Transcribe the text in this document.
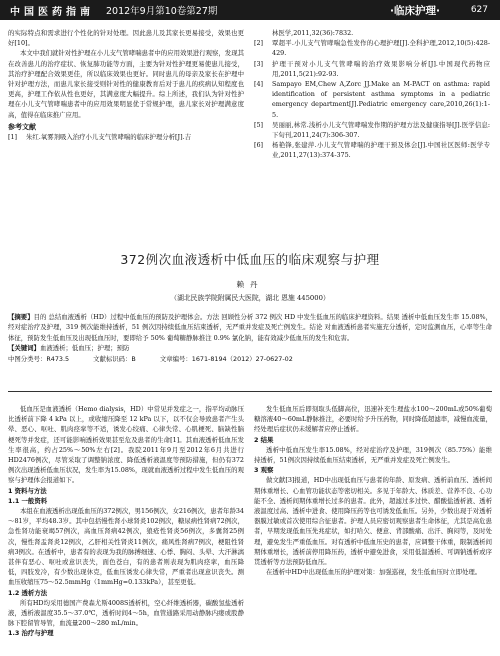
中国医药指南 2012年9月第10卷第27期	·临床护理·	627
的实际特点和需求进行个性化的针对处理。因此患儿及其家长更易接受，效果也更好[10]。
本文中我们就针对性护理在小儿支气管哮喘患者中的应用效果进行观察，发现其在改善患儿的治疗症状、恢复肺功能等方面，主要为针对性护理更易使患儿接受，其治疗护理配合效果更佳，所以临床效果也更好。同时患儿的母亲及家长在护理中针对护理方法，而患儿家长接受则针对性的健康教育后对于患儿的疾病认知程度也更高，护理工作依从性也更好，其满意度大幅提升。综上所述，我们认为针对性护理在小儿支气管哮喘患者中的应用效果明显优于常规护理，患儿家长对护理满意度高，值得在临床推广应用。
参考文献
[1]	朱红.氧雾剂吸入治疗小儿支气管哮喘的临床护理分析[J].吉
林医学,2011,32(36):7832.
[2]	覃超平.小儿支气管哮喘急性发作的心理护理[J].全科护理,2012,10(5):428-429.
[3]	护理干预对小儿支气管哮喘的治疗效果影响分析[J].中国现代药物应用,2011,5(21):92-93.
[4]	Sampayo EM,Chew A,Zorc JJ.Make an M-PACT on asthma: rapid identification of persistent asthma symptoms in a pediatric emergency department[J].Pediatric emergency care,2010,26(1):1-5.
[5]	吴丽丽,林常.浅析小儿支气管哮喘发作期的护理方法及健康指导[J].医学信息:下旬刊,2011,24(7):306-307.
[6]	杨艳锋,张建萍.小儿支气管哮喘的护理干预及体会[J].中国社区医师:医学专业,2011,27(13):374-375.
372例次血液透析中低血压的临床观察与护理
赖丹
（湖北民族学院附属民大医院，湖北 恩施 445000）
【摘要】目的 总结血液透析（HD）过程中低血压的预防及护理体会。方法 回顾性分析 372 例次 HD 中发生低血压的临床护理资料。结果 透析中低血压发生率 15.08%，经对症治疗及护理，319 例次能维持透析，51 例次因持续低血压结束透析，无严重并发症及死亡例发生。结论 对血液透析患者实施充分透析，定时监测血压，心率等生命体征，预防发生低血压及出现低血压时，要即给予 50% 葡萄糖静脉推注 0.9% 氯化钠，能有效减少低血压的发生和危害。
【关键词】血液透析；低血压；护理；预防
中图分类号：R473.5	文献标识码：B	文章编号：1671-8194（2012）27-0627-02
低血压是血液透析（Hemo dialysis，HD）中常见并发症之一，指平均动脉压比透析前下降 4 kPa 以上，或收缩压降至 12 kPa 以下，以不仅会导致患者产生头晕、恶心、呕吐、肌肉痉挛等不适，诱发心绞痛、心律失常、心肌梗死、脑缺性脑梗死等并发症，还可能影响透析效果甚至危及患者的生命[1]。其血液透析低血压发生率很高，约占25%～50%左右[2]。我院2011年9月至2012年6月共进行HD2476例次，尽管采取了调整钠浓度、降低透析液温度等预防措施，但仍有372例次出现透析低血压状况，发生率为15.08%，现就血液透析过程中发生低血压的观察与护理体会报道如下。
1 资料与方法
1.1 一般资料
本组在血液透析出现低血压的372例次，男156例次，女216例次，患者年龄34～81岁，平均48.3岁。其中包括慢性肾小球肾炎102例次，糖尿病性肾病72例次，急性肾功能衰竭57例次，高血压肾病42例次，狼疮性肾炎56例次，多囊肾25例次，慢性肾盂肾炎12例次，乙肝相关性肾炎11例次，痛风性肾病7例次，梗阻性肾病3例次。在透析中，患者有的表现为我的脉搏细速、心悸、胸闷、头晕、大汗淋漓甚伴有恶心、呕吐或意识丧失，面色苍白，有的患者则表现为肌肉痉挛，血压降低，四肢发冷，有少数出现休克，低血压诱发心律失常，严重者出现意识丧失。测血压收缩压75～52.5mmHg（1mmHg=0.133kPa），甚至更低。
1.2 透析方法
所有HD均采用德国产费森尤斯4008S透析机，空心纤维透析器，碳酸氢盐透析液，透析液温度35.5～37.0℃，透析时间4～5h，血管通路采用动静脉内瘘或股静脉下腔留管导管，血流量200～280 mL/min。
1.3 治疗与护理
发生低血压后即刻取头低脚高位，迅速补充生理盐水100～200mL或50%葡萄糖溶液40～60mL静脉推注，必要时给予升压药物，同时降低超滤率，减慢血流量，经处理后症状仍未缓解者应停止透析。
2 结果
透析中低血压发生率15.08%，经对症治疗及护理，319例次（85.75%）能维持透析，51例次因持续低血压结束透析，无严重并发症及死亡例发生。
3 观察
做文献[3]报道，HD中出现低血压与患者的年龄、原发病、透析前血压、透析间期体重增长、心血管功能状态等密切相关。多见于年龄大、体质差、营养不良、心功能不全、透析间期体重增长过多的患者。此外，超滤过多过快、醋酸盐透析液、透析液温度过高、透析中进食、使用降压药等也可诱发低血压。另外，少数出现于对透析器膜过敏或首次使用综合征患者。护理人员应密切观察患者生命体征，尤其是高危患者，早期发现低血压先兆症状，如打哈欠、便意、背部酸痛、出汗、胸闷等，及时处理，避免发生严重低血压。对有透析中低血压史的患者，应调整干体重，限制透析间期体重增长，透析前停用降压药，透析中避免进食，采用低温透析、可调钠透析或序贯透析等方法预防低血压。
在透析中HD中出现低血压的护理对策：加强巡视，发生低血压时立即处理。
